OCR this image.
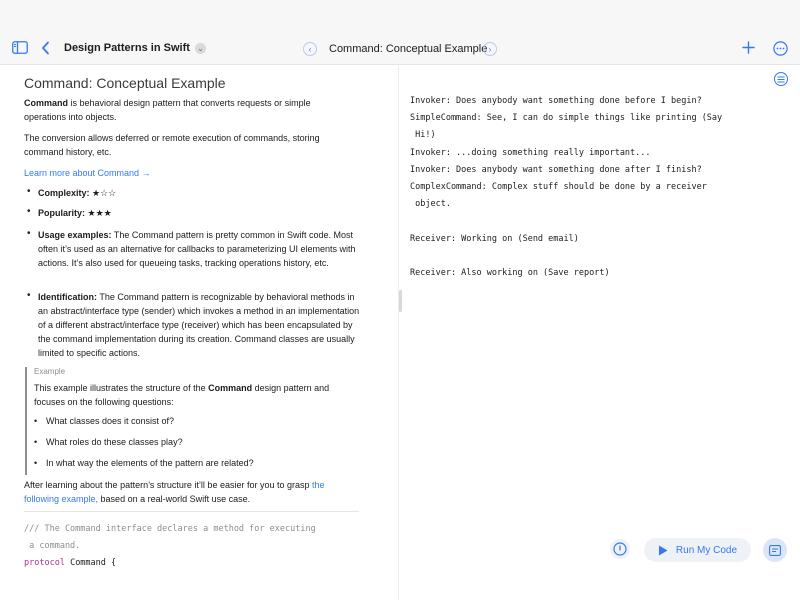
Design Patterns in Swift ⌄	‹	Command: Conceptual Example ›
Command: Conceptual Example
Command is behavioral design pattern that converts requests or simple operations into objects.
The conversion allows deferred or remote execution of commands, storing command history, etc.
Learn more about Command →
• Complexity: ★☆☆
• Popularity: ★★★
• Usage examples: The Command pattern is pretty common in Swift code. Most often it’s used as an alternative for callbacks to parameterizing UI elements with actions. It’s also used for queueing tasks, tracking operations history, etc.
• Identification: The Command pattern is recognizable by behavioral methods in an abstract/interface type (sender) which invokes a method in an implementation of a different abstract/interface type (receiver) which has been encapsulated by the command implementation during its creation. Command classes are usually limited to specific actions.
Example
This example illustrates the structure of the Command design pattern and focuses on the following questions:
• What classes does it consist of?
• What roles do these classes play?
• In what way the elements of the pattern are related?
After learning about the pattern’s structure it’ll be easier for you to grasp the following example, based on a real-world Swift use case.
/// The Command interface declares a method for executing
a command.
protocol Command {
Invoker: Does anybody want something done before I begin?
SimpleCommand: See, I can do simple things like printing (Say
Hi!)
Invoker: ...doing something really important...
Invoker: Does anybody want something done after I finish?
ComplexCommand: Complex stuff should be done by a receiver
object.

Receiver: Working on (Send email)

Receiver: Also working on (Save report)
Run My Code
